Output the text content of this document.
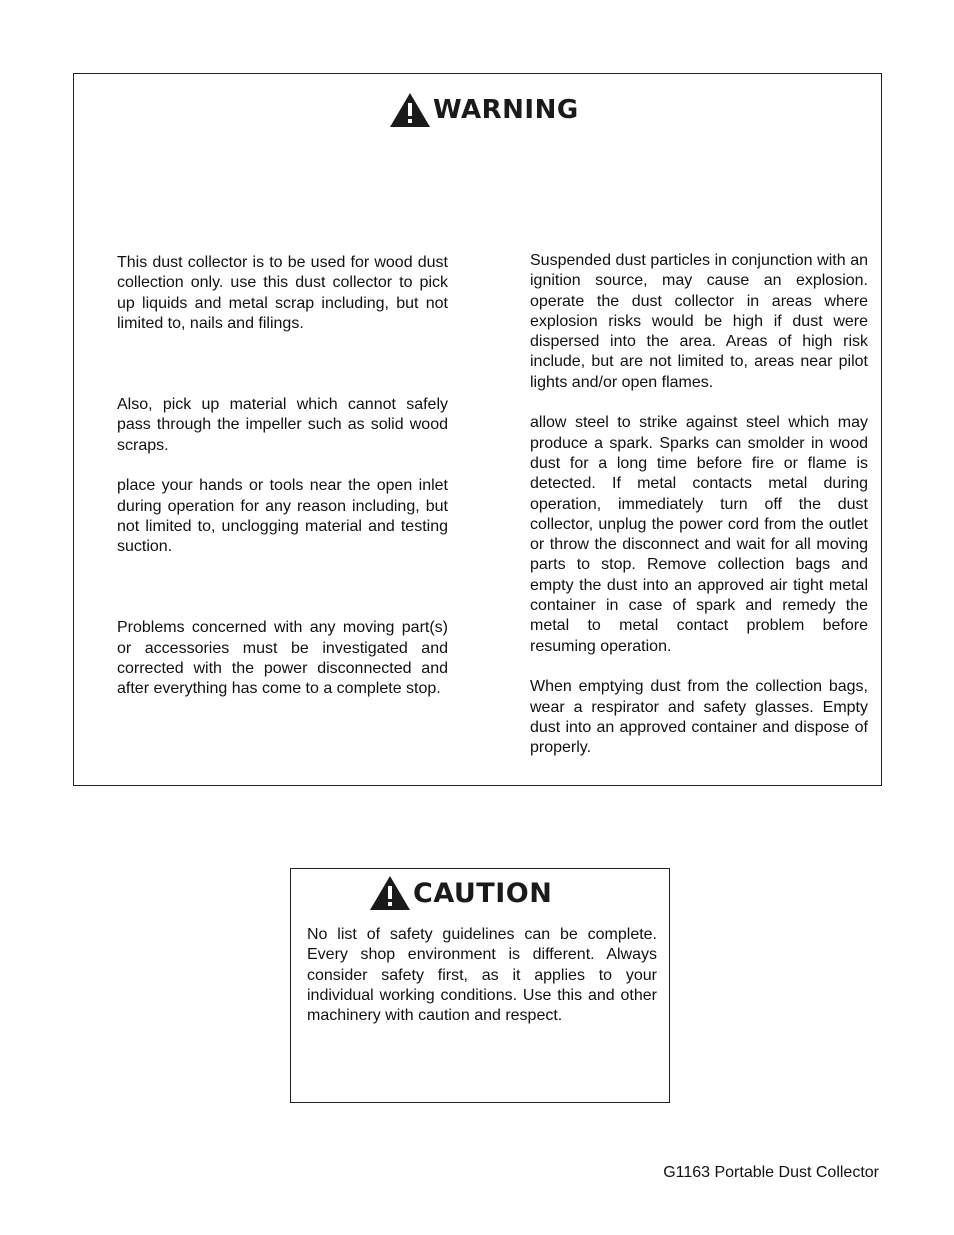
WARNING

This dust collector is to be used for wood dust collection only. use this dust collector to pick up liquids and metal scrap including, but not limited to, nails and filings.

Also, pick up material which cannot safely pass through the impeller such as solid wood scraps.

place your hands or tools near the open inlet during operation for any reason including, but not limited to, unclogging material and testing suction.

Problems concerned with any moving part(s) or accessories must be investigated and corrected with the power disconnected and after everything has come to a complete stop.

Suspended dust particles in conjunction with an ignition source, may cause an explosion. operate the dust collector in areas where explosion risks would be high if dust were dispersed into the area. Areas of high risk include, but are not limited to, areas near pilot lights and/or open flames.

allow steel to strike against steel which may produce a spark. Sparks can smolder in wood dust for a long time before fire or flame is detected. If metal contacts metal during operation, immediately turn off the dust collector, unplug the power cord from the outlet or throw the disconnect and wait for all moving parts to stop. Remove collection bags and empty the dust into an approved air tight metal container in case of spark and remedy the metal to metal contact problem before resuming operation.

When emptying dust from the collection bags, wear a respirator and safety glasses. Empty dust into an approved container and dispose of properly.

CAUTION

No list of safety guidelines can be complete. Every shop environment is different. Always consider safety first, as it applies to your individual working conditions. Use this and other machinery with caution and respect.

G1163 Portable Dust Collector
